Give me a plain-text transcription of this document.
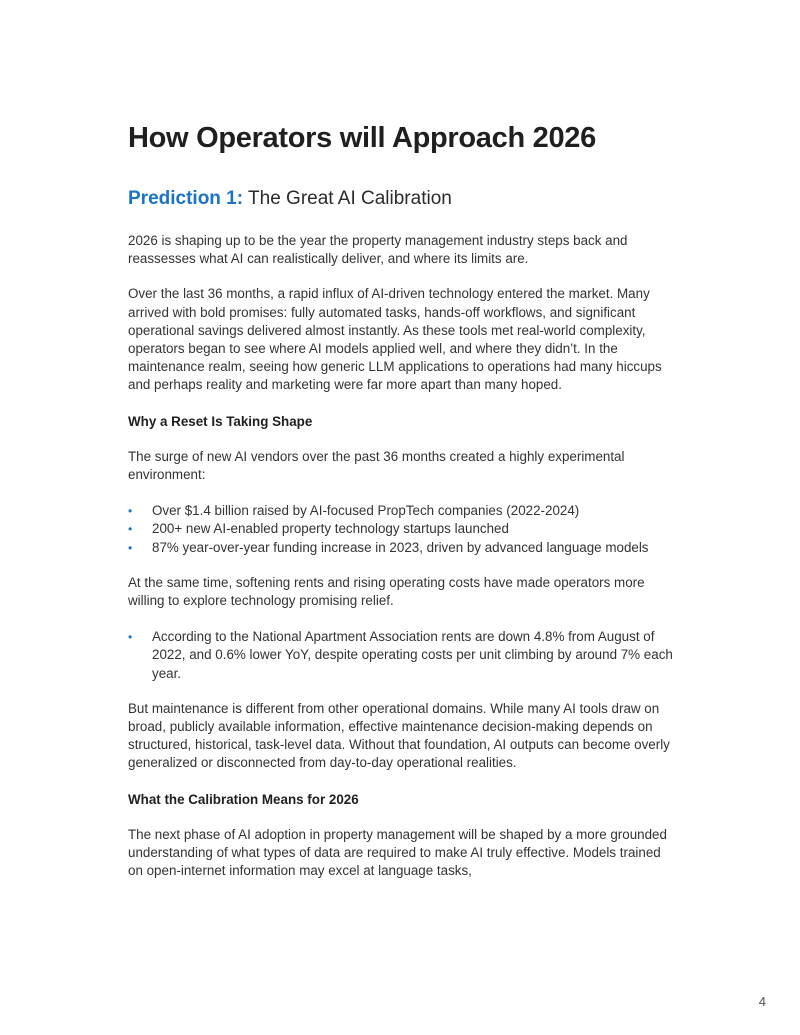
How Operators will Approach 2026
Prediction 1: The Great AI Calibration

2026 is shaping up to be the year the property management industry steps back and reassesses what AI can realistically deliver, and where its limits are.

Over the last 36 months, a rapid influx of AI-driven technology entered the market. Many arrived with bold promises: fully automated tasks, hands-off workflows, and significant operational savings delivered almost instantly. As these tools met real-world complexity, operators began to see where AI models applied well, and where they didn’t. In the maintenance realm, seeing how generic LLM applications to operations had many hiccups and perhaps reality and marketing were far more apart than many hoped.

Why a Reset Is Taking Shape

The surge of new AI vendors over the past 36 months created a highly experimental environment:

• Over $1.4 billion raised by AI-focused PropTech companies (2022-2024)
• 200+ new AI-enabled property technology startups launched
• 87% year-over-year funding increase in 2023, driven by advanced language models

At the same time, softening rents and rising operating costs have made operators more willing to explore technology promising relief.

• According to the National Apartment Association rents are down 4.8% from August of 2022, and 0.6% lower YoY, despite operating costs per unit climbing by around 7% each year.

But maintenance is different from other operational domains. While many AI tools draw on broad, publicly available information, effective maintenance decision-making depends on structured, historical, task-level data. Without that foundation, AI outputs can become overly generalized or disconnected from day-to-day operational realities.

What the Calibration Means for 2026

The next phase of AI adoption in property management will be shaped by a more grounded understanding of what types of data are required to make AI truly effective. Models trained on open-internet information may excel at language tasks,

4
